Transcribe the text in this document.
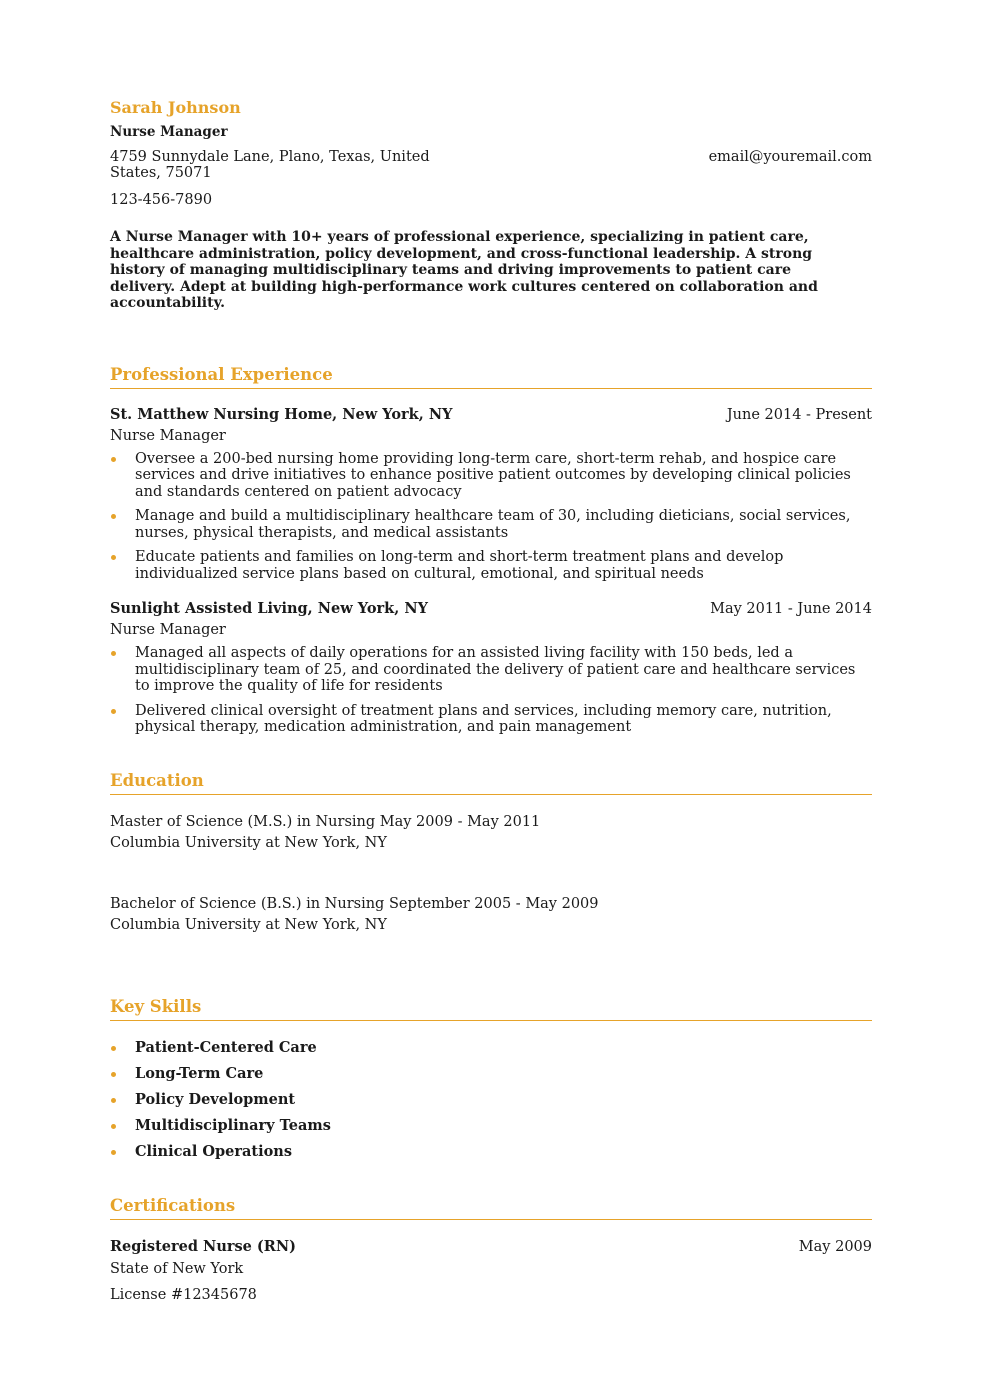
Sarah Johnson
Nurse Manager
4759 Sunnydale Lane, Plano, Texas, United States, 75071
email@youremail.com
123-456-7890
A Nurse Manager with 10+ years of professional experience, specializing in patient care, healthcare administration, policy development, and cross-functional leadership. A strong history of managing multidisciplinary teams and driving improvements to patient care delivery. Adept at building high-performance work cultures centered on collaboration and accountability.
Professional Experience
St. Matthew Nursing Home, New York, NY	June 2014 - Present
Nurse Manager
Oversee a 200-bed nursing home providing long-term care, short-term rehab, and hospice care services and drive initiatives to enhance positive patient outcomes by developing clinical policies and standards centered on patient advocacy
Manage and build a multidisciplinary healthcare team of 30, including dieticians, social services, nurses, physical therapists, and medical assistants
Educate patients and families on long-term and short-term treatment plans and develop individualized service plans based on cultural, emotional, and spiritual needs
Sunlight Assisted Living, New York, NY	May 2011 - June 2014
Nurse Manager
Managed all aspects of daily operations for an assisted living facility with 150 beds, led a multidisciplinary team of 25, and coordinated the delivery of patient care and healthcare services to improve the quality of life for residents
Delivered clinical oversight of treatment plans and services, including memory care, nutrition, physical therapy, medication administration, and pain management
Education
Master of Science (M.S.) in Nursing May 2009 - May 2011
Columbia University at New York, NY
Bachelor of Science (B.S.) in Nursing September 2005 - May 2009
Columbia University at New York, NY
Key Skills
Patient-Centered Care
Long-Term Care
Policy Development
Multidisciplinary Teams
Clinical Operations
Certifications
Registered Nurse (RN)	May 2009
State of New York
License #12345678
